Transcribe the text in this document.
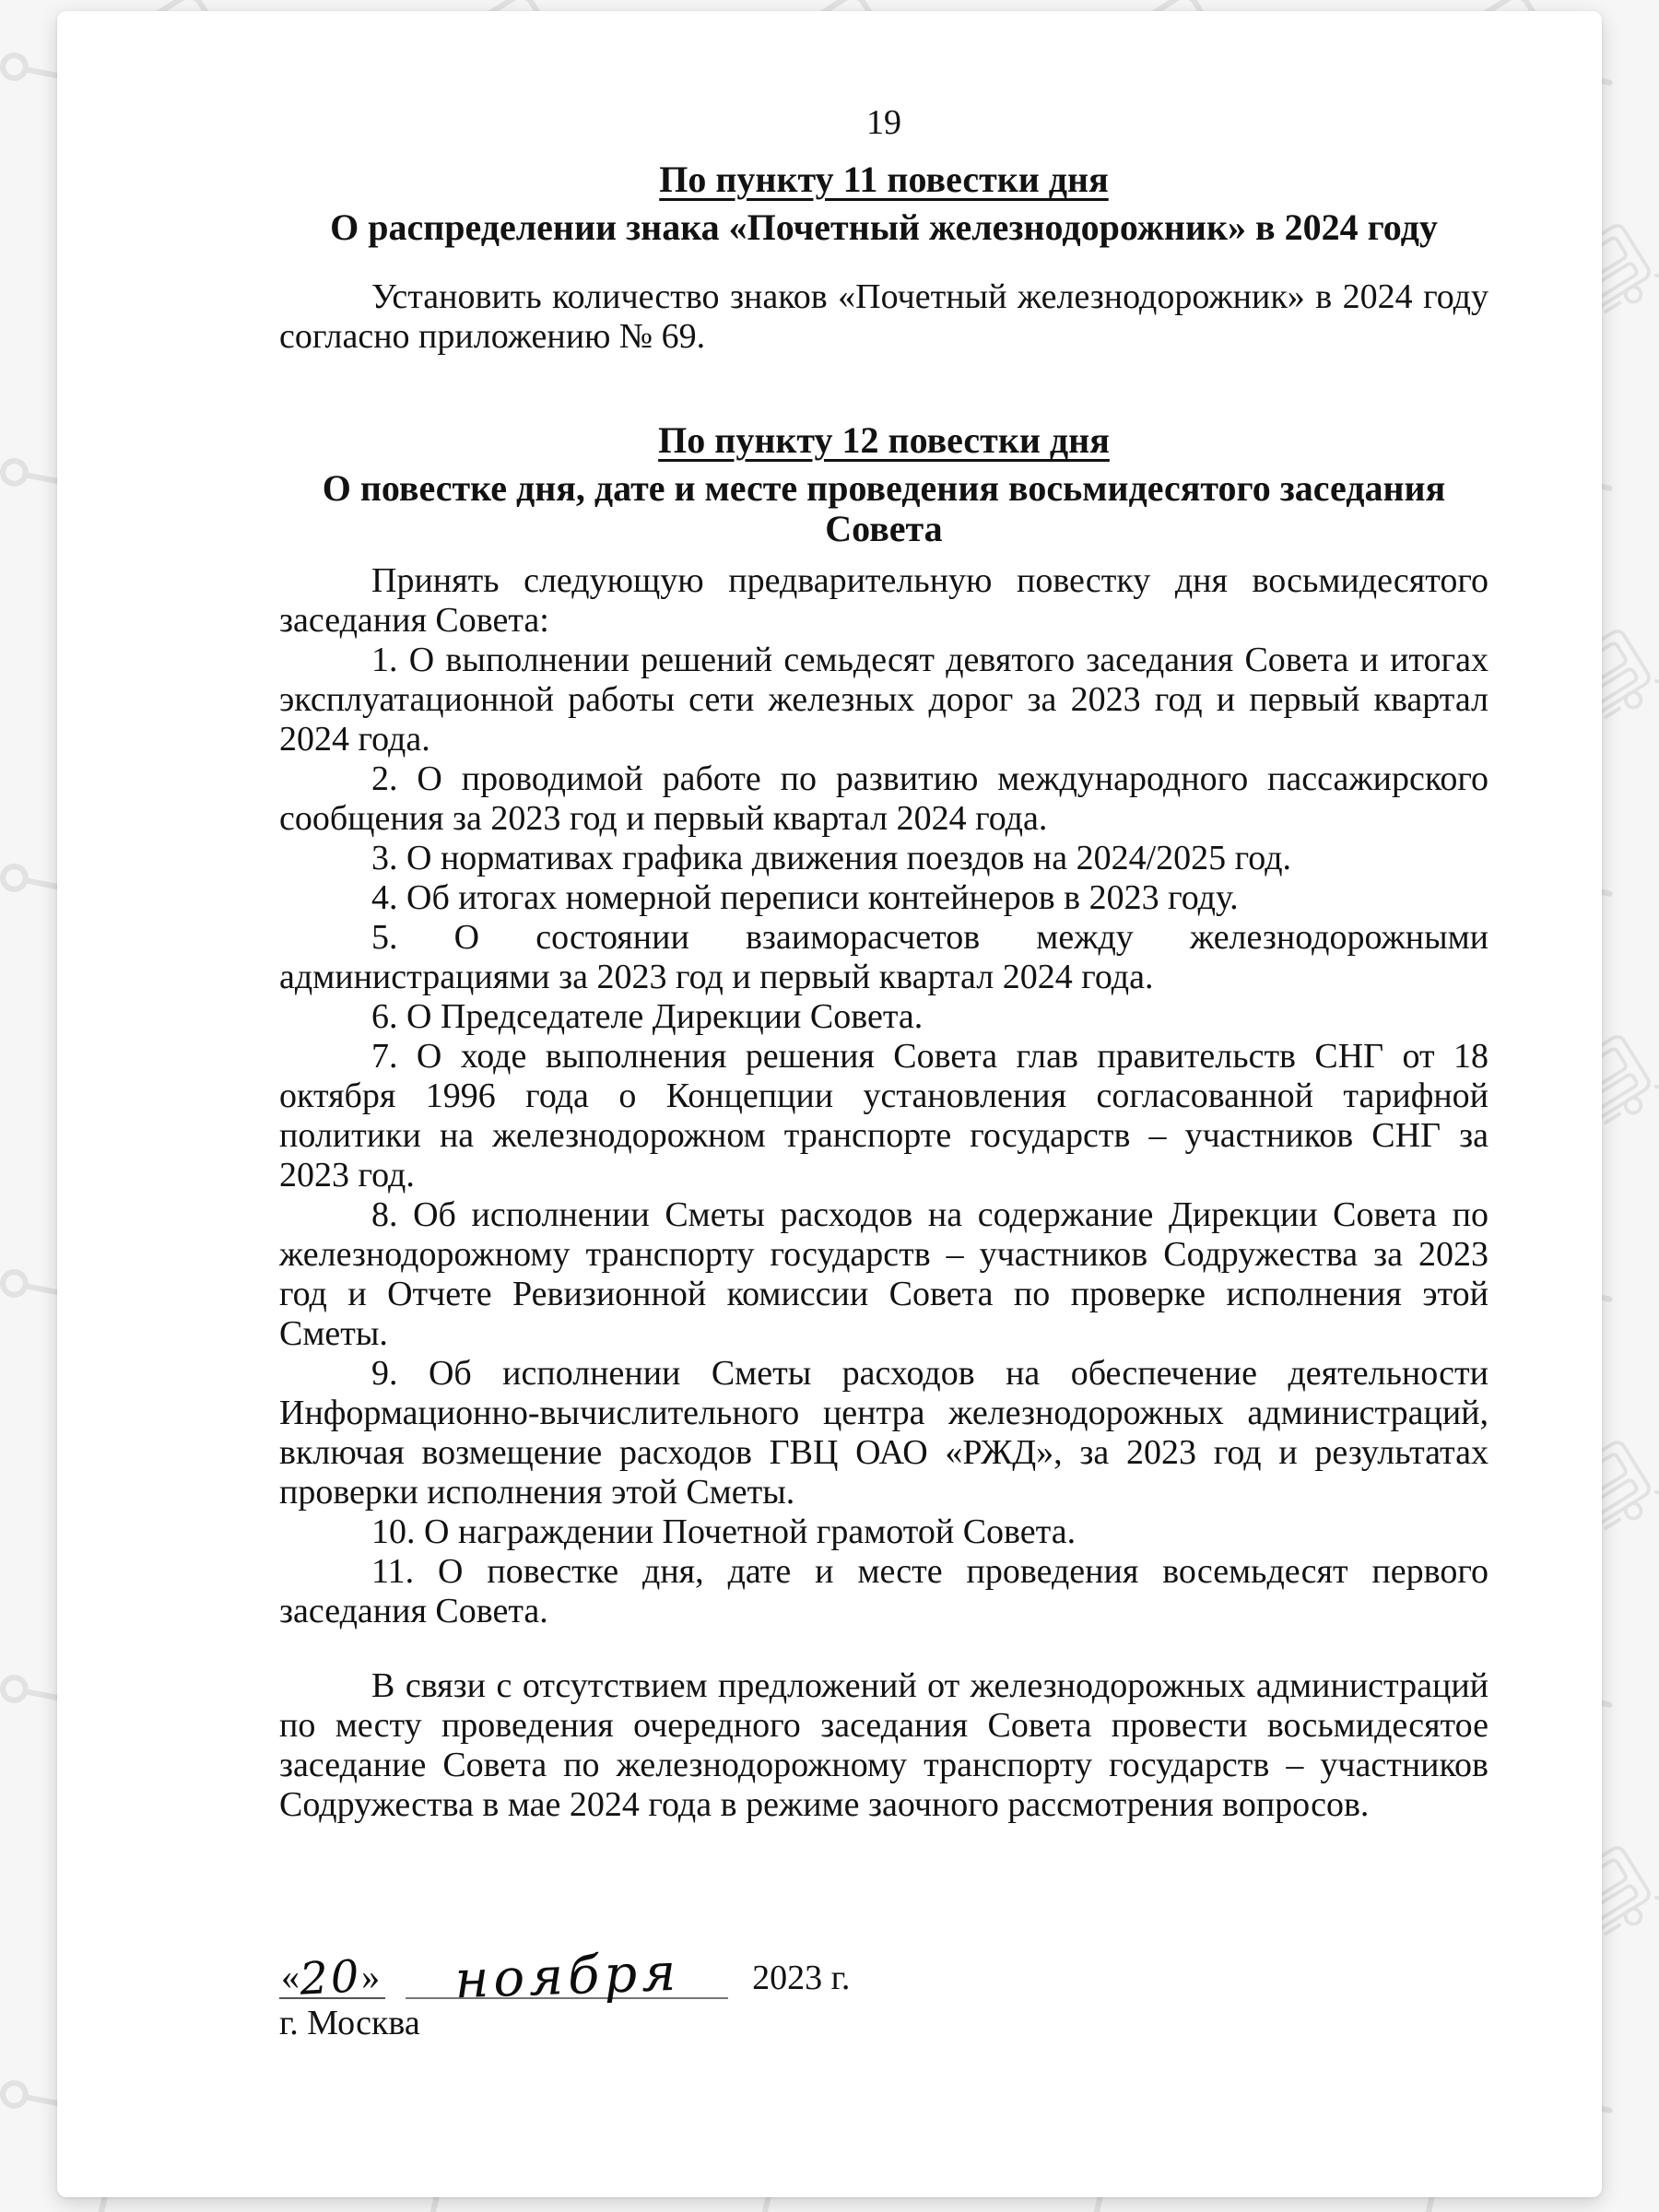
19
По пункту 11 повестки дня
О распределении знака «Почетный железнодорожник» в 2024 году

Установить количество знаков «Почетный железнодорожник» в 2024 году согласно приложению № 69.

По пункту 12 повестки дня
О повестке дня, дате и месте проведения восьмидесятого заседания Совета

Принять следующую предварительную повестку дня восьмидесятого заседания Совета:

1. О выполнении решений семьдесят девятого заседания Совета и итогах эксплуатационной работы сети железных дорог за 2023 год и первый квартал 2024 года.

2. О проводимой работе по развитию международного пассажирского сообщения за 2023 год и первый квартал 2024 года.

3. О нормативах графика движения поездов на 2024/2025 год.

4. Об итогах номерной переписи контейнеров в 2023 году.

5. О состоянии взаиморасчетов между железнодорожными администрациями за 2023 год и первый квартал 2024 года.

6. О Председателе Дирекции Совета.

7. О ходе выполнения решения Совета глав правительств СНГ от 18 октября 1996 года о Концепции установления согласованной тарифной политики на железнодорожном транспорте государств – участников СНГ за 2023 год.

8. Об исполнении Сметы расходов на содержание Дирекции Совета по железнодорожному транспорту государств – участников Содружества за 2023 год и Отчете Ревизионной комиссии Совета по проверке исполнения этой Сметы.

9. Об исполнении Сметы расходов на обеспечение деятельности Информационно-вычислительного центра железнодорожных администраций, включая возмещение расходов ГВЦ ОАО «РЖД», за 2023 год и результатах проверки исполнения этой Сметы.

10. О награждении Почетной грамотой Совета.

11. О повестке дня, дате и месте проведения восемьдесят первого заседания Совета.

В связи с отсутствием предложений от железнодорожных администраций по месту проведения очередного заседания Совета провести восьмидесятое заседание Совета по железнодорожному транспорту государств – участников Содружества в мае 2024 года в режиме заочного рассмотрения вопросов.

«20»	ноября	2023 г.
г. Москва
